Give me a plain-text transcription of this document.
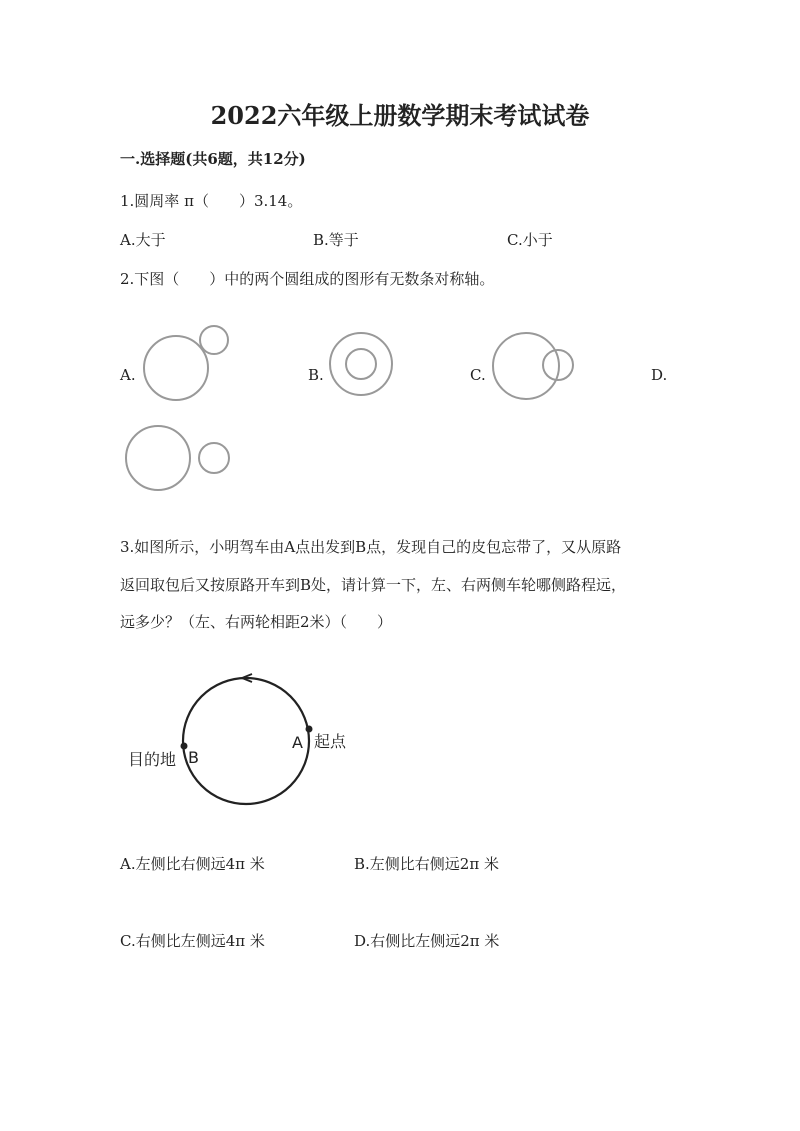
2022六年级上册数学期末考试试卷
一.选择题(共6题，共12分)
1.圆周率 π（　　）3.14。
A.大于	B.等于	C.小于
2.下图（　　）中的两个圆组成的图形有无数条对称轴。
A.	B.	C.	D.
3.如图所示，小明驾车由A点出发到B点，发现自己的皮包忘带了，又从原路
返回取包后又按原路开车到B处，请计算一下，左、右两侧车轮哪侧路程远，
远多少？（左、右两轮相距2米）（　　）
目的地 B
A 起点
A.左侧比右侧远4π 米	B.左侧比右侧远2π 米
C.右侧比左侧远4π 米	D.右侧比左侧远2π 米
